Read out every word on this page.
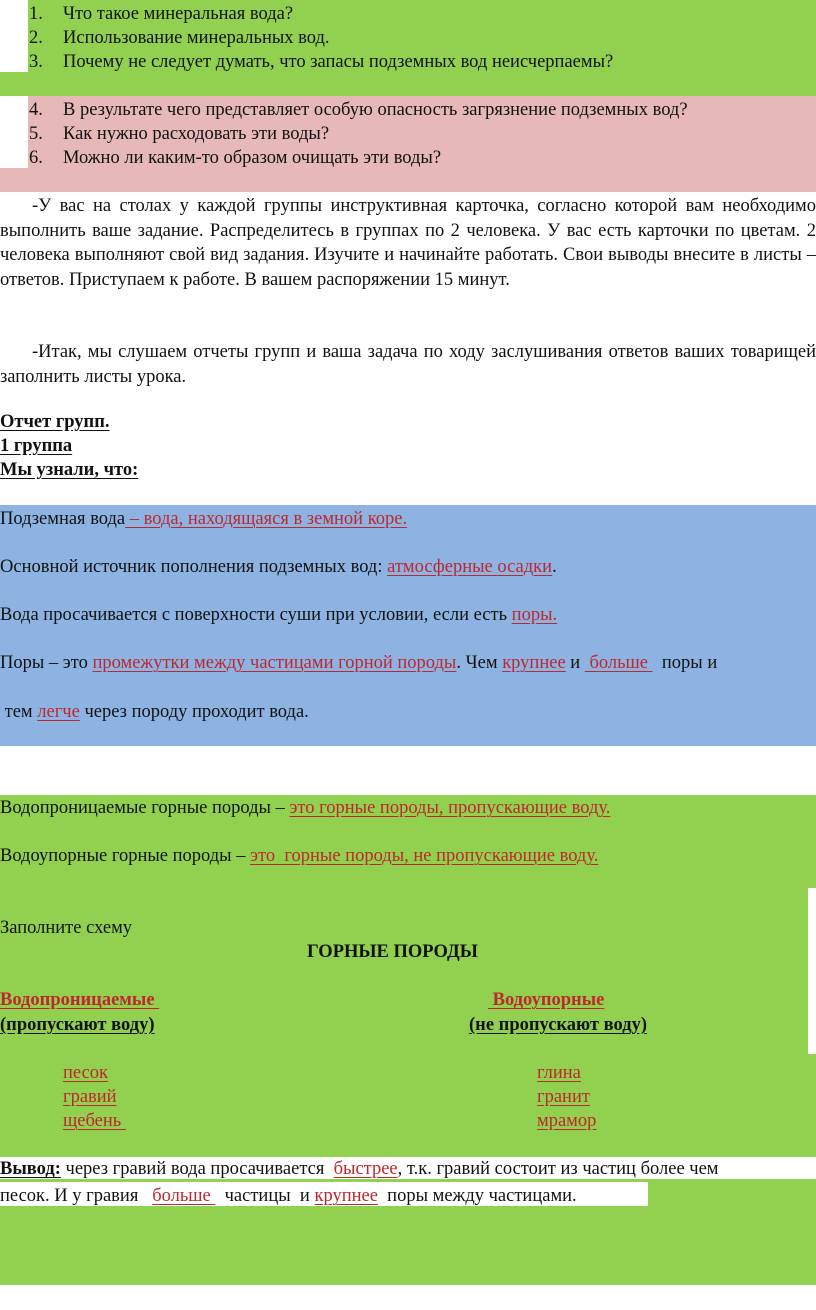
1. Что такое минеральная вода?
2. Использование минеральных вод.
3. Почему не следует думать, что запасы подземных вод неисчерпаемы?
4. В результате чего представляет особую опасность загрязнение подземных вод?
5. Как нужно расходовать эти воды?
6. Можно ли каким-то образом очищать эти воды?
-У вас на столах у каждой группы инструктивная карточка, согласно которой вам необходимо выполнить ваше задание. Распределитесь в группах по 2 человека. У вас есть карточки по цветам. 2 человека выполняют свой вид задания. Изучите и начинайте работать. Свои выводы внесите в листы – ответов. Приступаем к работе. В вашем распоряжении 15 минут.
-Итак, мы слушаем отчеты групп и ваша задача по ходу заслушивания ответов ваших товарищей заполнить листы урока.
Отчет групп.
1 группа
Мы узнали, что:
Подземная вода – вода, находящаяся в земной коре.
Основной источник пополнения подземных вод: атмосферные осадки.
Вода просачивается с поверхности суши при условии, если есть поры.
Поры – это промежутки между частицами горной породы. Чем крупнее и  больше   поры и
тем легче через породу проходит вода.
Водопроницаемые горные породы – это горные породы, пропускающие воду.
Водоупорные горные породы – это  горные породы, не пропускающие воду.
Заполните схему
ГОРНЫЕ ПОРОДЫ
Водопроницаемые
(пропускают воду)
Водоупорные
(не пропускают воду)
песок
гравий
щебень
глина
гранит
мрамор
Вывод: через гравий вода просачивается  быстрее, т.к. гравий состоит из частиц более чем
песок. И у гравия   больше   частицы  и крупнее  поры между частицами.
